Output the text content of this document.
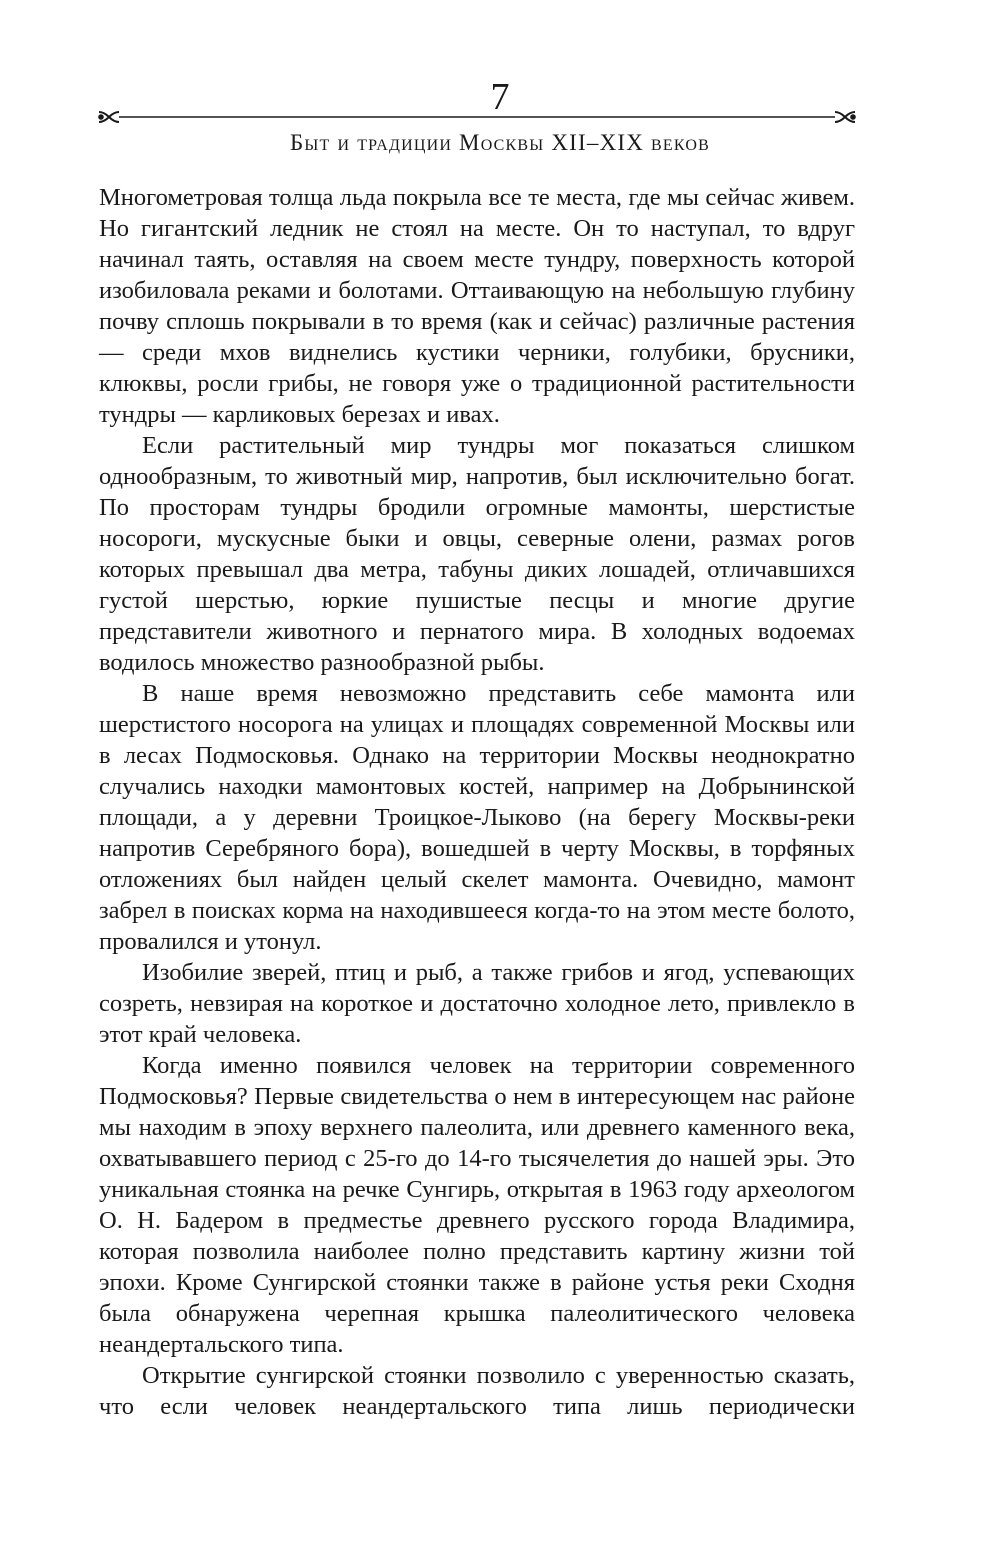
7
Быт и традиции Москвы XII–XIX веков

Многометровая толща льда покрыла все те места, где мы сейчас живем. Но гигантский ледник не стоял на месте. Он то наступал, то вдруг начинал таять, оставляя на своем месте тундру, поверхность которой изобиловала реками и болотами. Оттаивающую на небольшую глубину почву сплошь покрывали в то время (как и сейчас) различные растения — среди мхов виднелись кустики черники, голубики, брусники, клюквы, росли грибы, не говоря уже о традиционной растительности тундры — карликовых березах и ивах.

Если растительный мир тундры мог показаться слишком однообразным, то животный мир, напротив, был исключительно богат. По просторам тундры бродили огромные мамонты, шерстистые носороги, мускусные быки и овцы, северные олени, размах рогов которых превышал два метра, табуны диких лошадей, отличавшихся густой шерстью, юркие пушистые песцы и многие другие представители животного и пернатого мира. В холодных водоемах водилось множество разнообразной рыбы.

В наше время невозможно представить себе мамонта или шерстистого носорога на улицах и площадях современной Москвы или в лесах Подмосковья. Однако на территории Москвы неоднократно случались находки мамонтовых костей, например на Добрынинской площади, а у деревни Троицкое-Лыково (на берегу Москвы-реки напротив Серебряного бора), вошедшей в черту Москвы, в торфяных отложениях был найден целый скелет мамонта. Очевидно, мамонт забрел в поисках корма на находившееся когда-то на этом месте болото, провалился и утонул.

Изобилие зверей, птиц и рыб, а также грибов и ягод, успевающих созреть, невзирая на короткое и достаточно холодное лето, привлекло в этот край человека.

Когда именно появился человек на территории современного Подмосковья? Первые свидетельства о нем в интересующем нас районе мы находим в эпоху верхнего палеолита, или древнего каменного века, охватывавшего период с 25-го до 14-го тысячелетия до нашей эры. Это уникальная стоянка на речке Сунгирь, открытая в 1963 году археологом О. Н. Бадером в предместье древнего русского города Владимира, которая позволила наиболее полно представить картину жизни той эпохи. Кроме Сунгирской стоянки также в районе устья реки Сходня была обнаружена черепная крышка палеолитического человека неандертальского типа.

Открытие сунгирской стоянки позволило с уверенностью сказать, что если человек неандертальского типа лишь периодически
